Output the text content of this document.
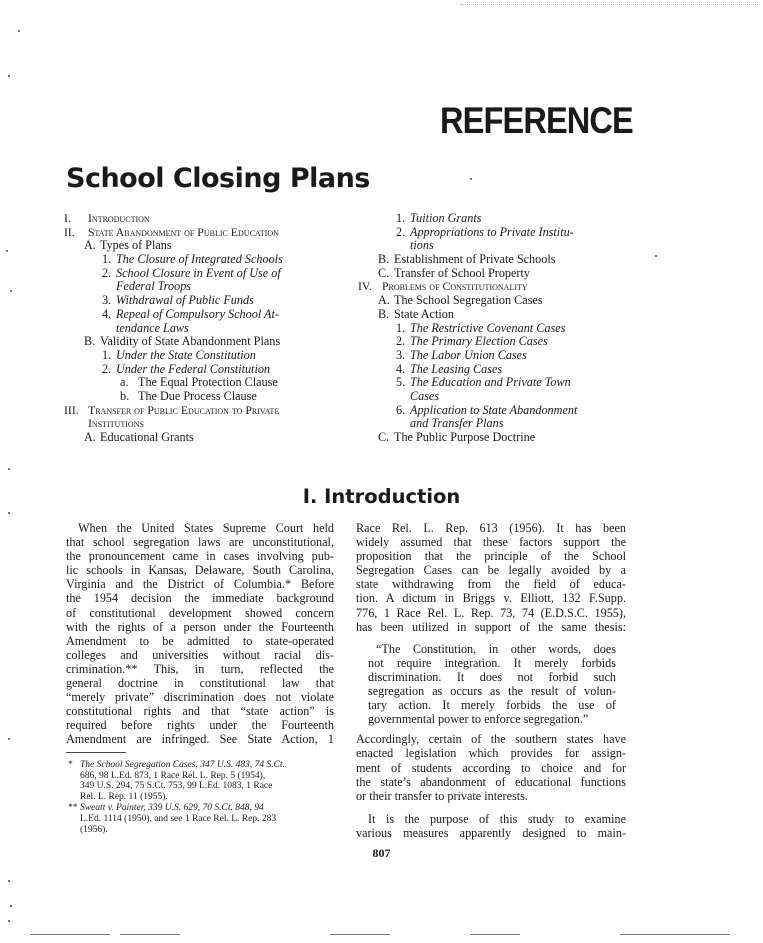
REFERENCE
School Closing Plans
I. Introduction
II. State Abandonment of Public Education
A. Types of Plans
1. The Closure of Integrated Schools
2. School Closure in Event of Use of
Federal Troops
3. Withdrawal of Public Funds
4. Repeal of Compulsory School At-
tendance Laws
B. Validity of State Abandonment Plans
1. Under the State Constitution
2. Under the Federal Constitution
a. The Equal Protection Clause
b. The Due Process Clause
III. Transfer of Public Education to Private
Institutions
A. Educational Grants
1. Tuition Grants
2. Appropriations to Private Institu-
tions
B. Establishment of Private Schools
C. Transfer of School Property
IV. Problems of Constitutionality
A. The School Segregation Cases
B. State Action
1. The Restrictive Covenant Cases
2. The Primary Election Cases
3. The Labor Union Cases
4. The Leasing Cases
5. The Education and Private Town
Cases
6. Application to State Abandonment
and Transfer Plans
C. The Public Purpose Doctrine
I. Introduction
When the United States Supreme Court held
that school segregation laws are unconstitutional,
the pronouncement came in cases involving pub-
lic schools in Kansas, Delaware, South Carolina,
Virginia and the District of Columbia.* Before
the 1954 decision the immediate background
of constitutional development showed concern
with the rights of a person under the Fourteenth
Amendment to be admitted to state-operated
colleges and universities without racial dis-
crimination.** This, in turn, reflected the
general doctrine in constitutional law that
“merely private” discrimination does not violate
constitutional rights and that “state action” is
required before rights under the Fourteenth
Amendment are infringed. See State Action, 1
* The School Segregation Cases, 347 U.S. 483, 74 S.Ct.
686, 98 L.Ed. 873, 1 Race Rel. L. Rep. 5 (1954),
349 U.S. 294, 75 S.Ct. 753, 99 L.Ed. 1083, 1 Race
Rel. L. Rep. 11 (1955).
** Sweatt v. Painter, 339 U.S. 629, 70 S.Ct. 848, 94
L.Ed. 1114 (1950), and see 1 Race Rel. L. Rep. 283
(1956).
Race Rel. L. Rep. 613 (1956). It has been
widely assumed that these factors support the
proposition that the principle of the School
Segregation Cases can be legally avoided by a
state withdrawing from the field of educa-
tion. A dictum in Briggs v. Elliott, 132 F.Supp.
776, 1 Race Rel. L. Rep. 73, 74 (E.D.S.C. 1955),
has been utilized in support of the same thesis:
“The Constitution, in other words, does
not require integration. It merely forbids
discrimination. It does not forbid such
segregation as occurs as the result of volun-
tary action. It merely forbids the use of
governmental power to enforce segregation.”
Accordingly, certain of the southern states have
enacted legislation which provides for assign-
ment of students according to choice and for
the state’s abandonment of educational functions
or their transfer to private interests.
It is the purpose of this study to examine
various measures apparently designed to main-
807
